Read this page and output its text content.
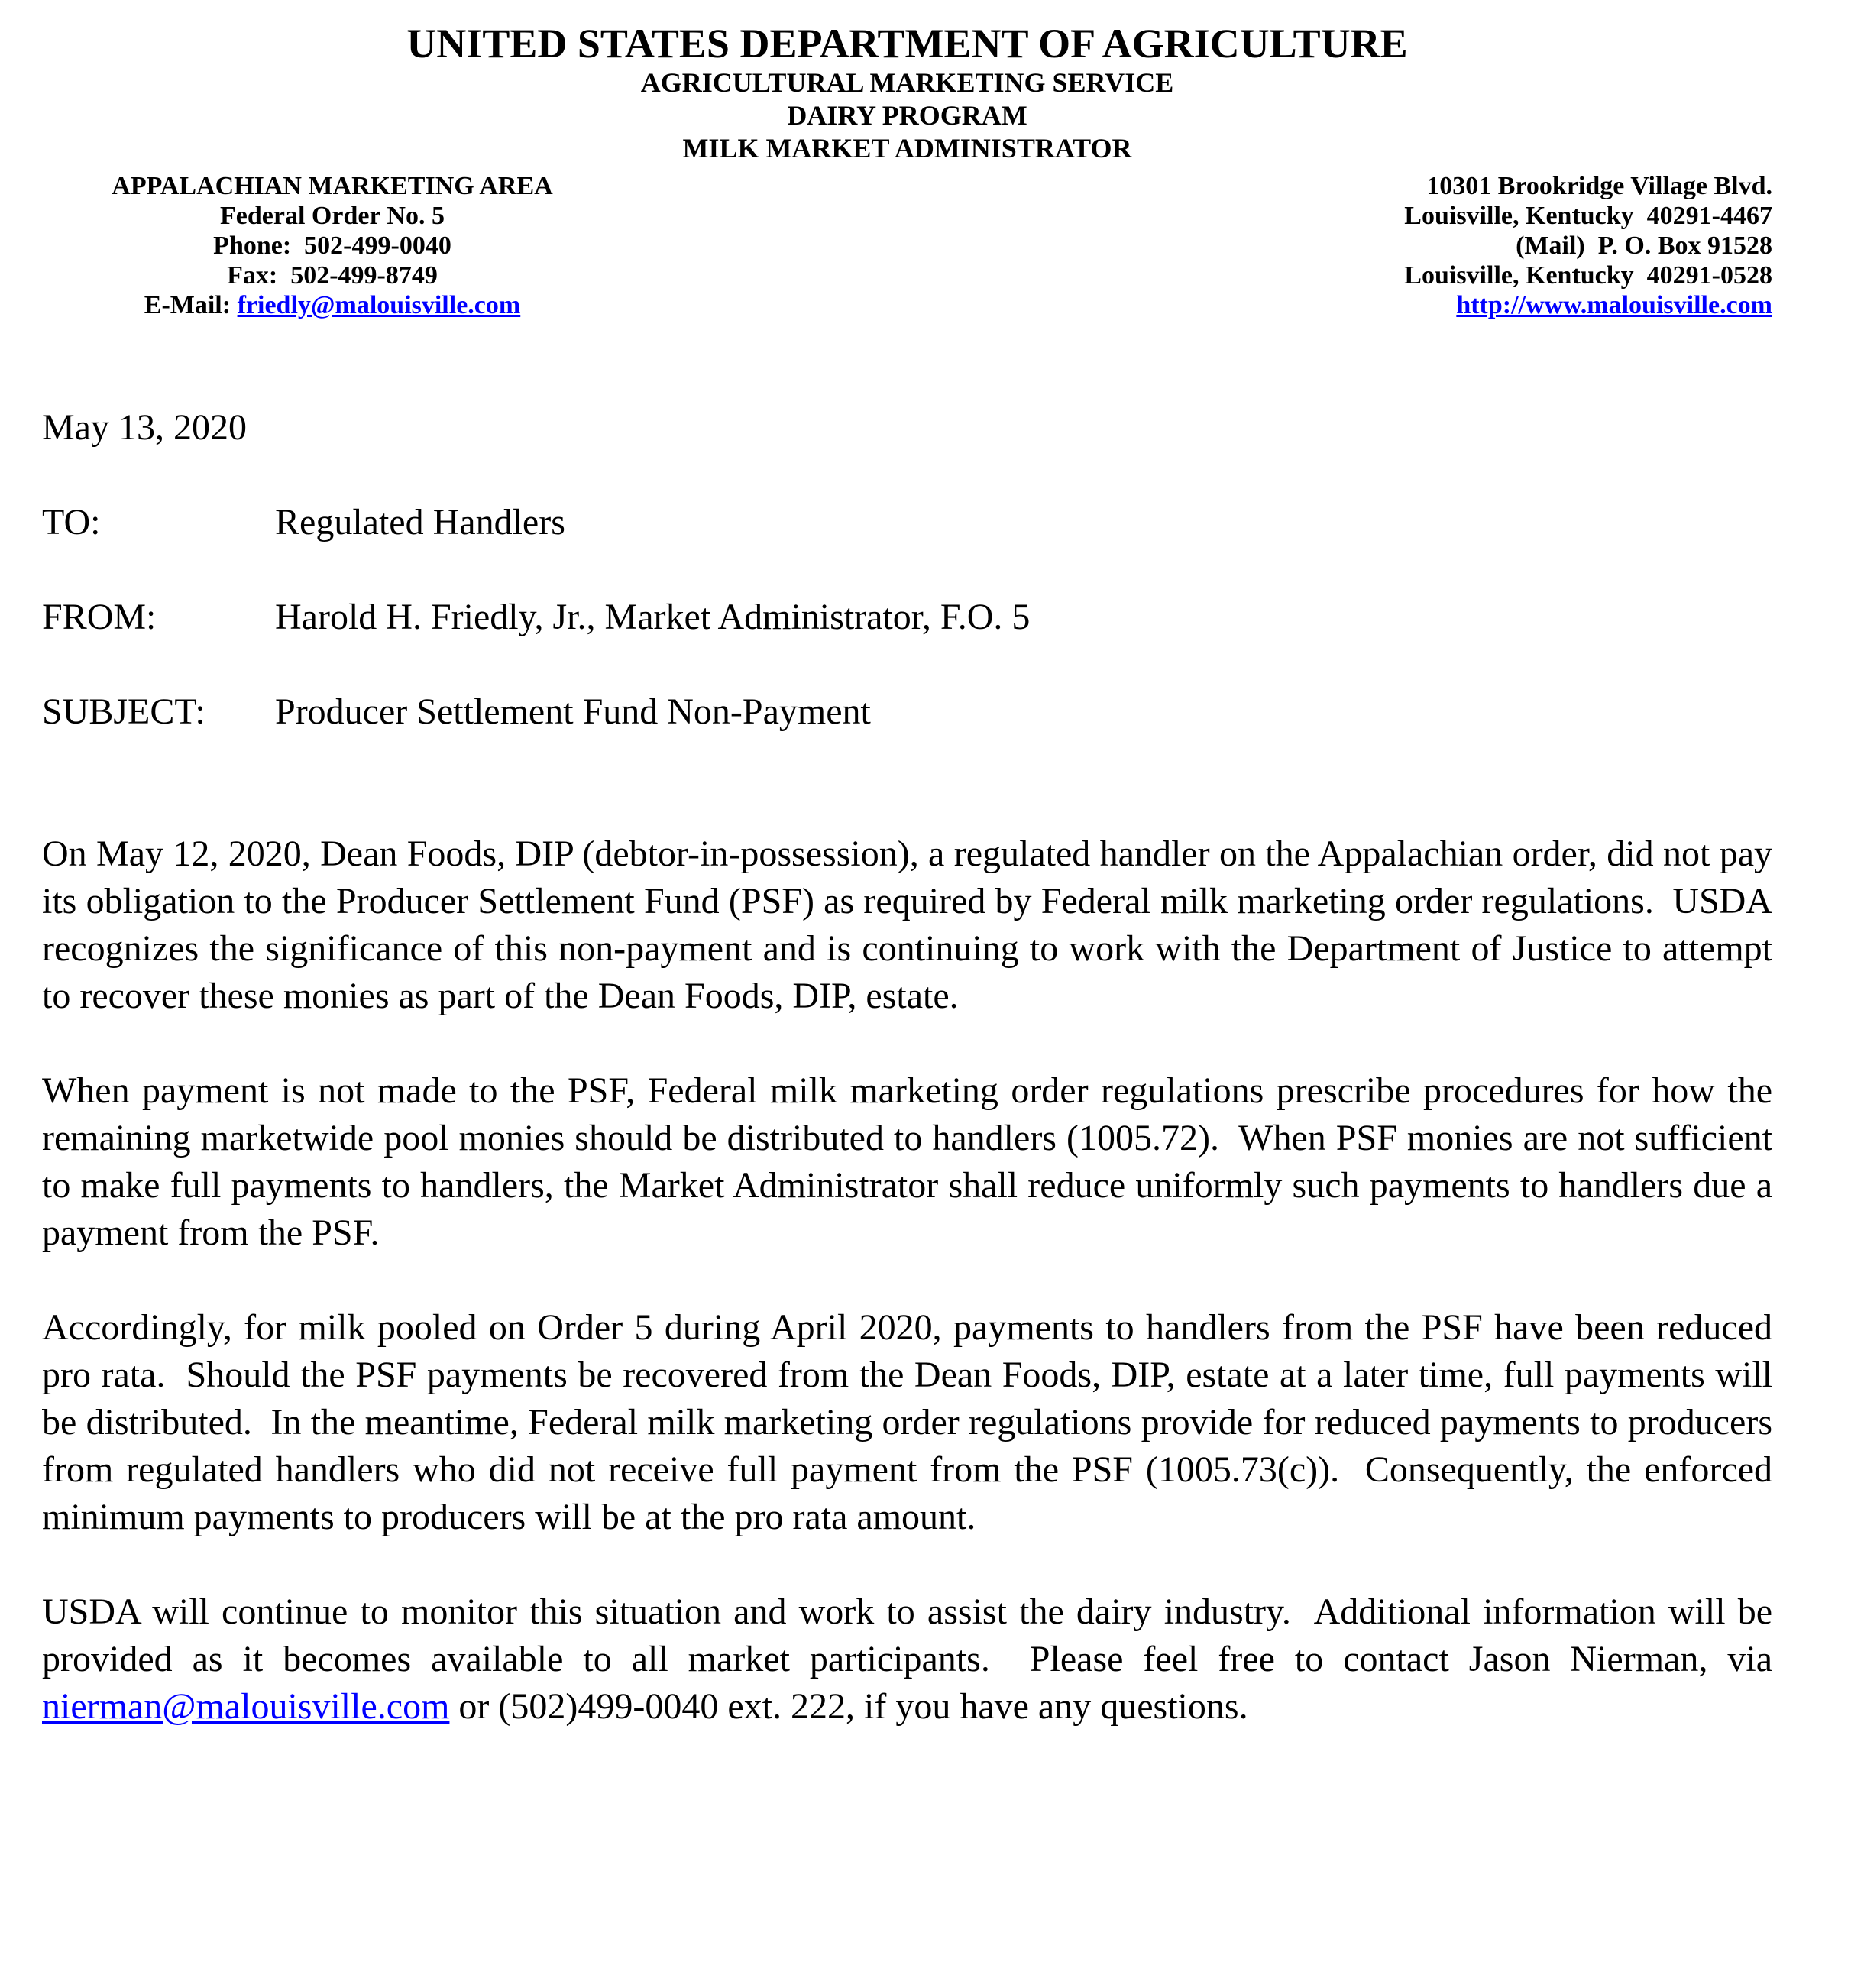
UNITED STATES DEPARTMENT OF AGRICULTURE
AGRICULTURAL MARKETING SERVICE
DAIRY PROGRAM
MILK MARKET ADMINISTRATOR
APPALACHIAN MARKETING AREA
Federal Order No. 5
Phone:  502-499-0040
Fax:  502-499-8749
E-Mail: friedly@malouisville.com
10301 Brookridge Village Blvd.
Louisville, Kentucky  40291-4467
(Mail)  P. O. Box 91528
Louisville, Kentucky  40291-0528
http://www.malouisville.com

May 13, 2020

TO:	Regulated Handlers
FROM:	Harold H. Friedly, Jr., Market Administrator, F.O. 5
SUBJECT:	Producer Settlement Fund Non-Payment

On May 12, 2020, Dean Foods, DIP (debtor-in-possession), a regulated handler on the Appalachian order, did not pay its obligation to the Producer Settlement Fund (PSF) as required by Federal milk marketing order regulations.  USDA recognizes the significance of this non-payment and is continuing to work with the Department of Justice to attempt to recover these monies as part of the Dean Foods, DIP, estate.

When payment is not made to the PSF, Federal milk marketing order regulations prescribe procedures for how the remaining marketwide pool monies should be distributed to handlers (1005.72).  When PSF monies are not sufficient to make full payments to handlers, the Market Administrator shall reduce uniformly such payments to handlers due a payment from the PSF.

Accordingly, for milk pooled on Order 5 during April 2020, payments to handlers from the PSF have been reduced pro rata.  Should the PSF payments be recovered from the Dean Foods, DIP, estate at a later time, full payments will be distributed.  In the meantime, Federal milk marketing order regulations provide for reduced payments to producers from regulated handlers who did not receive full payment from the PSF (1005.73(c)).  Consequently, the enforced minimum payments to producers will be at the pro rata amount.

USDA will continue to monitor this situation and work to assist the dairy industry.  Additional information will be provided as it becomes available to all market participants.  Please feel free to contact Jason Nierman, via nierman@malouisville.com or (502)499-0040 ext. 222, if you have any questions.
